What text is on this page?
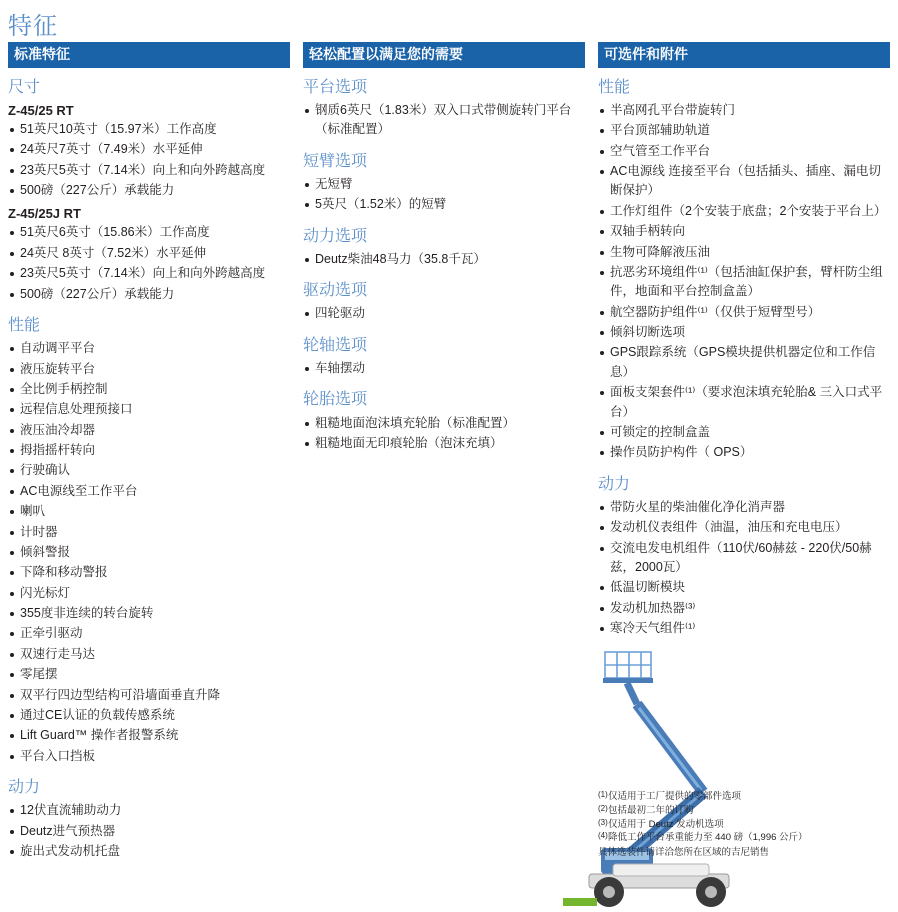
特征
标准特征
尺寸
Z-45/25 RT
51英尺10英寸（15.97米）工作高度
24英尺7英寸（7.49米）水平延伸
23英尺5英寸（7.14米）向上和向外跨越高度
500磅（227公斤）承载能力
Z-45/25J RT
51英尺6英寸（15.86米）工作高度
24英尺 8英寸（7.52米）水平延伸
23英尺5英寸（7.14米）向上和向外跨越高度
500磅（227公斤）承载能力
性能
自动调平平台
液压旋转平台
全比例手柄控制
远程信息处理预接口
液压油冷却器
拇指摇杆转向
行驶确认
AC电源线至工作平台
喇叭
计时器
倾斜警报
下降和移动警报
闪光标灯
355度非连续的转台旋转
正牵引驱动
双速行走马达
零尾摆
双平行四边型结构可沿墙面垂直升降
通过CE认证的负载传感系统
Lift Guard™ 操作者报警系统
平台入口挡板
动力
12伏直流辅助动力
Deutz进气预热器
旋出式发动机托盘
轻松配置以满足您的需要
平台选项
钢质6英尺（1.83米）双入口式带侧旋转门平台（标准配置）
短臂选项
无短臂
5英尺（1.52米）的短臂
动力选项
Deutz柴油48马力（35.8千瓦）
驱动选项
四轮驱动
轮轴选项
车轴摆动
轮胎选项
粗糙地面泡沫填充轮胎（标准配置）
粗糙地面无印痕轮胎（泡沫充填）
可选件和附件
性能
半高网孔平台带旋转门
平台顶部辅助轨道
空气管至工作平台
AC电源线 连接至平台（包括插头、插座、漏电切断保护）
工作灯组件（2个安装于底盘；2个安装于平台上）
双轴手柄转向
生物可降解液压油
抗恶劣环境组件⁽¹⁾（包括油缸保护套，臂杆防尘组件，地面和平台控制盒盖）
航空器防护组件⁽¹⁾（仅供于短臂型号）
倾斜切断选项
GPS跟踪系统（GPS模块提供机器定位和工作信息）
面板支架套件⁽¹⁾（要求泡沫填充轮胎& 三入口式平台）
可锁定的控制盒盖
操作员防护构件（ OPS）
动力
带防火星的柴油催化净化消声器
发动机仪表组件（油温，油压和充电电压）
交流电发电机组件（110伏/60赫兹 - 220伏/50赫兹，2000瓦）
低温切断模块
发动机加热器⁽³⁾
寒冷天气组件⁽¹⁾
(1) 仅适用于工厂提供的零部件选项
(2) 包括最初二年的订购
(3) 仅适用于 Deutz 发动机选项
(4) 降低工作平台承重能力至 440 磅（1,996 公斤）
具体选装件请详洽您所在区域的吉尼销售
